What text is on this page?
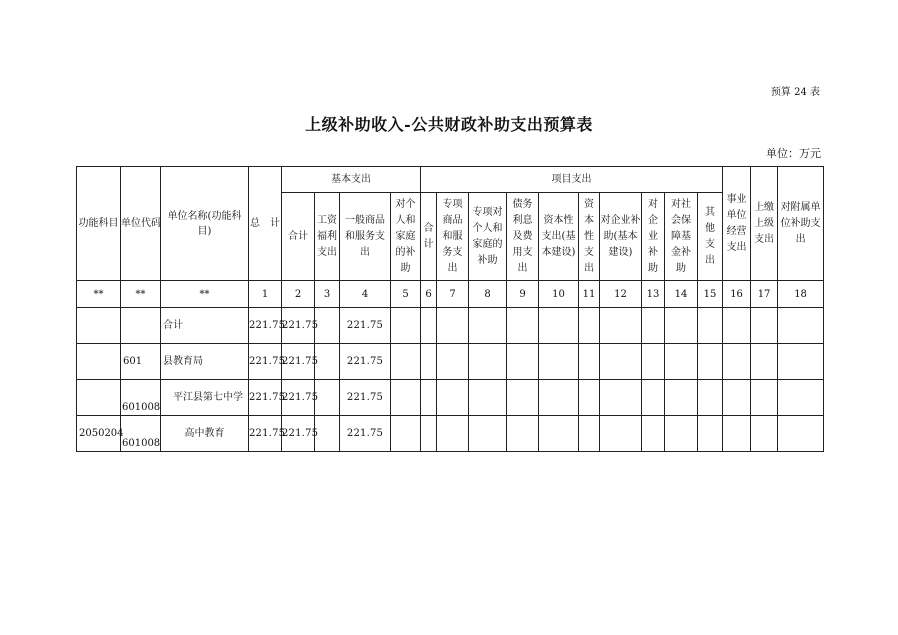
预算 24 表
上级补助收入-公共财政补助支出预算表
单位：万元
功能科目	单位代码	单位名称(功能科目)	总　计	基本支出				项目支出										事业单位经营支出	上缴上级支出	对附属单位补助支出
				合计	工资福利支出	一般商品和服务支出	对个人和家庭的补助	合计	专项商品和服务支出	专项对个人和家庭的补助	债务利息及费用支出	资本性支出(基本建设)	资本性支出	对企业补助(基本建设)	对企业补助	对社会保障基金补助	其他支出			
**	**	**	1	2	3	4	5	6	7	8	9	10	11	12	13	14	15	16	17	18
		合计	221.75	221.75		221.75														
	601	县教育局	221.75	221.75		221.75														
	601008	平江县第七中学	221.75	221.75		221.75														
2050204	601008	高中教育	221.75	221.75		221.75														
